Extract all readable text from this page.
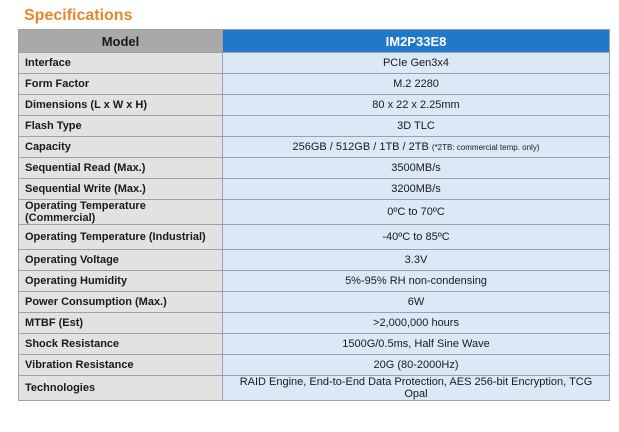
Specifications
Model	IM2P33E8
Interface	PCIe Gen3x4
Form Factor	M.2 2280
Dimensions (L x W x H)	80 x 22 x 2.25mm
Flash Type	3D TLC
Capacity	256GB / 512GB / 1TB / 2TB (*2TB: commercial temp. only)
Sequential Read (Max.)	3500MB/s
Sequential Write (Max.)	3200MB/s
Operating Temperature (Commercial)	0ºC to 70ºC
Operating Temperature (Industrial)	-40ºC to 85ºC
Operating Voltage	3.3V
Operating Humidity	5%-95% RH non-condensing
Power Consumption (Max.)	6W
MTBF (Est)	>2,000,000 hours
Shock Resistance	1500G/0.5ms, Half Sine Wave
Vibration Resistance	20G (80-2000Hz)
Technologies	RAID Engine, End-to-End Data Protection, AES 256-bit Encryption, TCG Opal
